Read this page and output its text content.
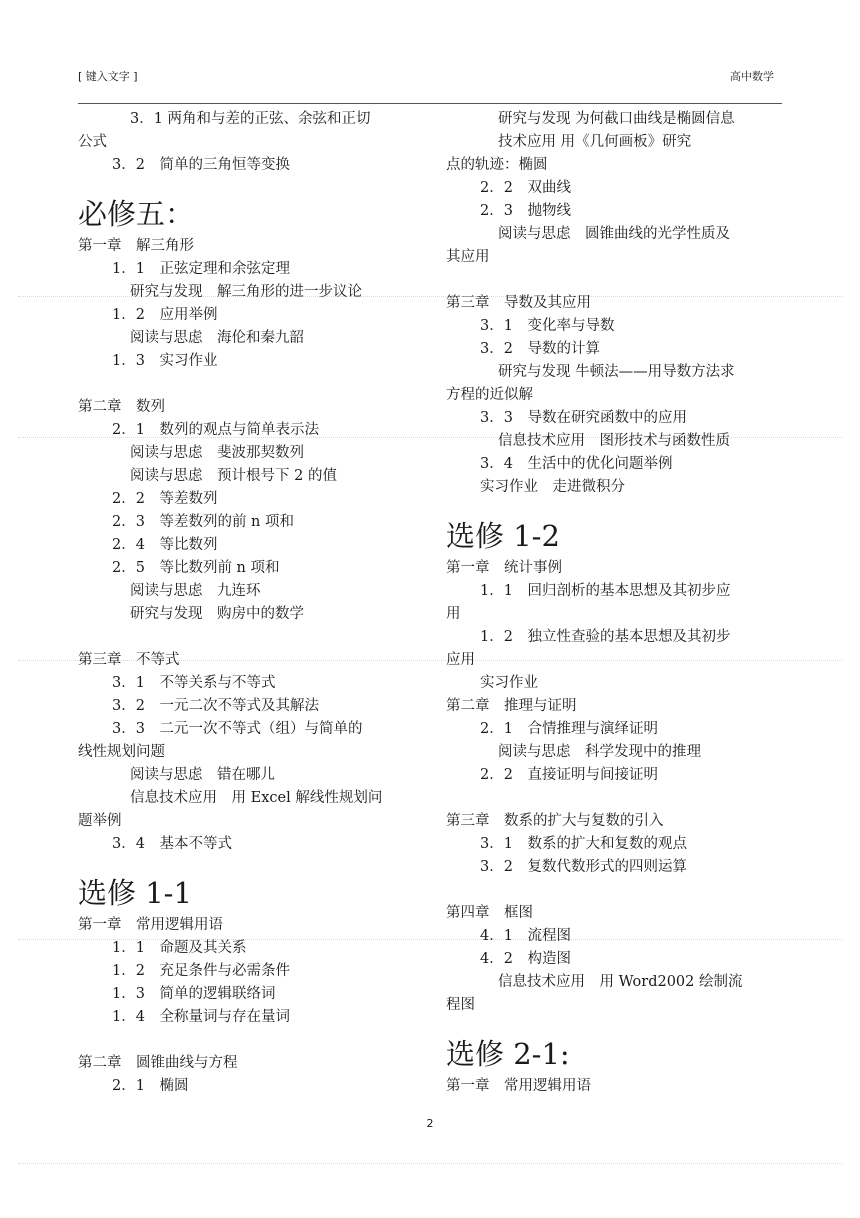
[ 键入文字 ]	高中数学
3．1 两角和与差的正弦、余弦和正切
公式
3．2　简单的三角恒等变换
必修五：
第一章　解三角形
1．1　正弦定理和余弦定理
研究与发现　解三角形的进一步议论
1．2　应用举例
阅读与思虑　海伦和秦九韶
1．3　实习作业
第二章　数列
2．1　数列的观点与简单表示法
阅读与思虑　斐波那契数列
阅读与思虑　预计根号下 2 的值
2．2　等差数列
2．3　等差数列的前 n 项和
2．4　等比数列
2．5　等比数列前 n 项和
阅读与思虑　九连环
研究与发现　购房中的数学
第三章　不等式
3．1　不等关系与不等式
3．2　一元二次不等式及其解法
3．3　二元一次不等式（组）与简单的
线性规划问题
阅读与思虑　错在哪儿
信息技术应用　用 Excel 解线性规划问
题举例
3．4　基本不等式
选修 1-1
第一章　常用逻辑用语
1．1　命题及其关系
1．2　充足条件与必需条件
1．3　简单的逻辑联络词
1．4　全称量词与存在量词
第二章　圆锥曲线与方程
2．1　椭圆
研究与发现 为何截口曲线是椭圆信息
技术应用 用《几何画板》研究
点的轨迹：椭圆
2．2　双曲线
2．3　抛物线
阅读与思虑　圆锥曲线的光学性质及
其应用
第三章　导数及其应用
3．1　变化率与导数
3．2　导数的计算
研究与发现 牛顿法——用导数方法求
方程的近似解
3．3　导数在研究函数中的应用
信息技术应用　图形技术与函数性质
3．4　生活中的优化问题举例
实习作业　走进微积分
选修 1-2
第一章　统计事例
1．1　回归剖析的基本思想及其初步应
用
1．2　独立性查验的基本思想及其初步
应用
实习作业
第二章　推理与证明
2．1　合情推理与演绎证明
阅读与思虑　科学发现中的推理
2．2　直接证明与间接证明
第三章　数系的扩大与复数的引入
3．1　数系的扩大和复数的观点
3．2　复数代数形式的四则运算
第四章　框图
4．1　流程图
4．2　构造图
信息技术应用　用 Word2002 绘制流
程图
选修 2-1:
第一章　常用逻辑用语
2
